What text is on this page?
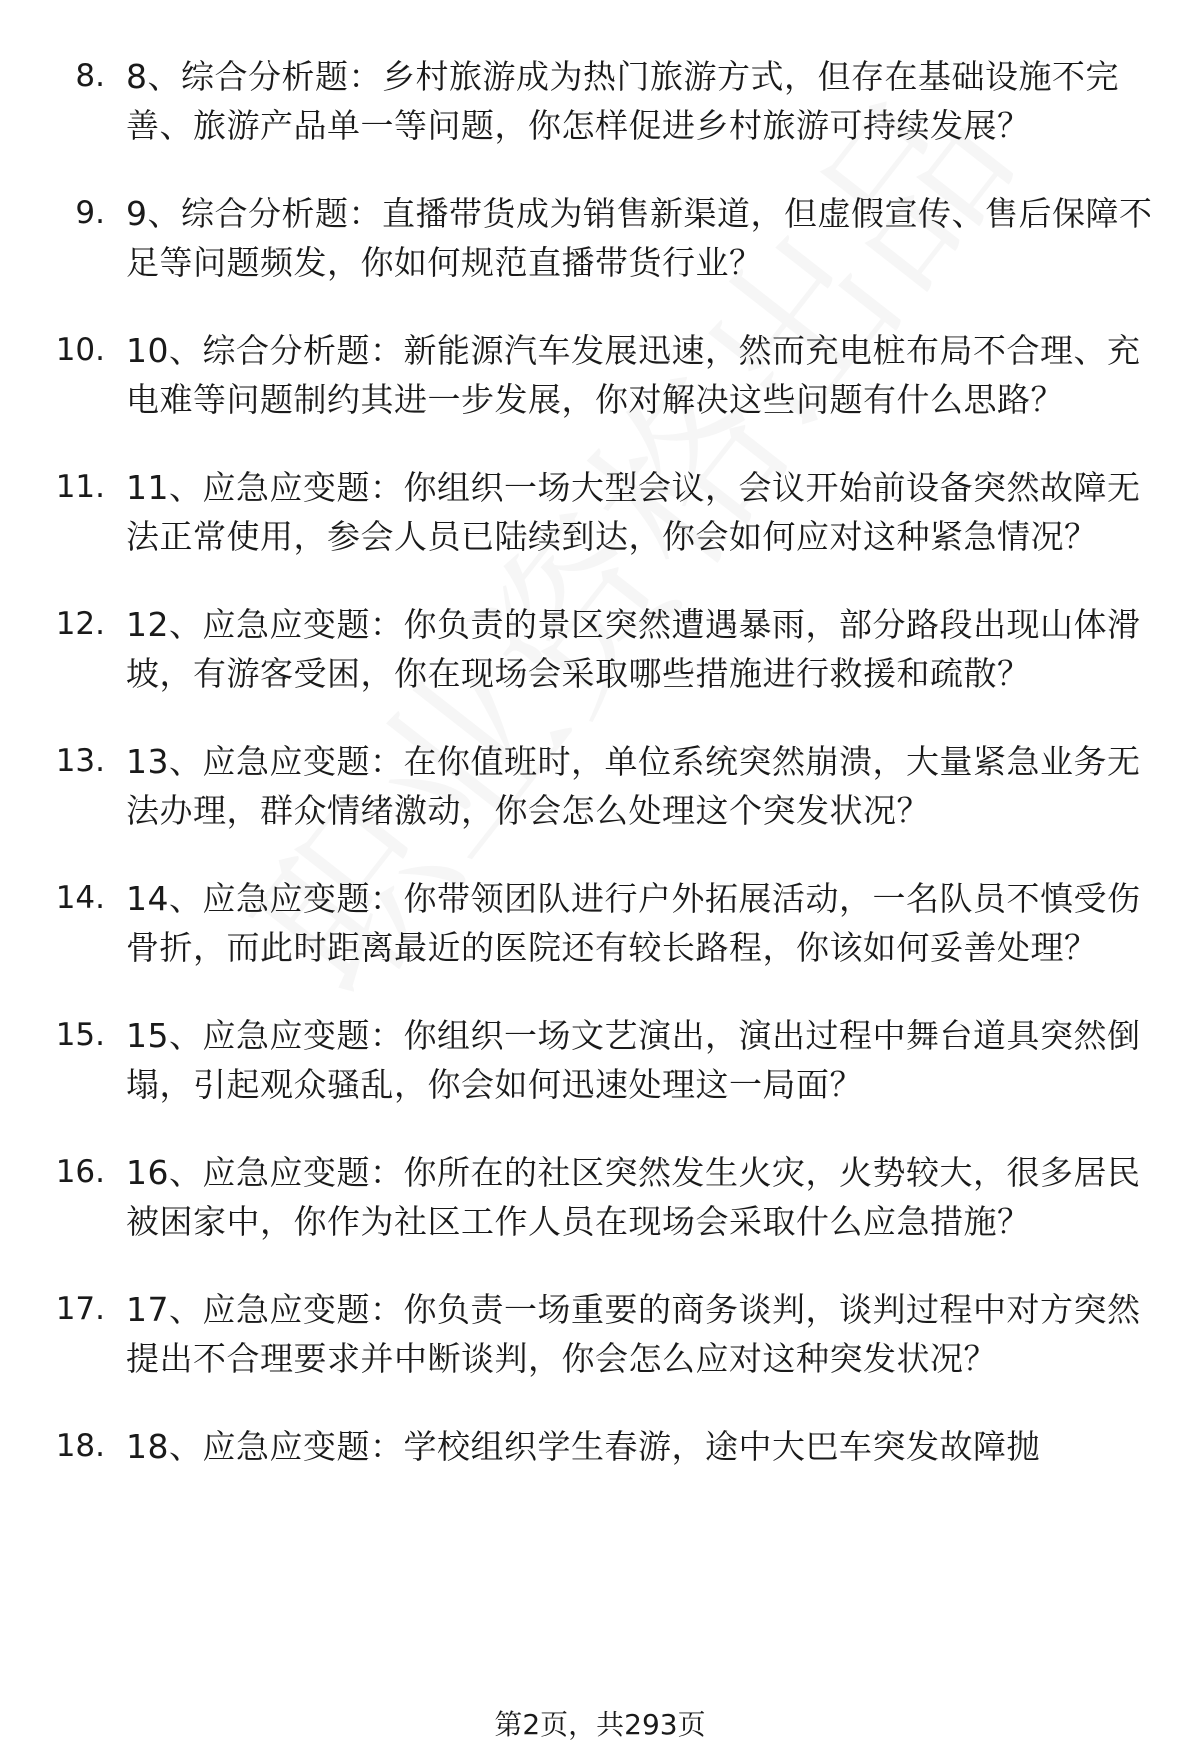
8. 8、综合分析题：乡村旅游成为热门旅游方式，但存在基础设施不完善、旅游产品单一等问题，你怎样促进乡村旅游可持续发展？
9. 9、综合分析题：直播带货成为销售新渠道，但虚假宣传、售后保障不足等问题频发，你如何规范直播带货行业？
10. 10、综合分析题：新能源汽车发展迅速，然而充电桩布局不合理、充电难等问题制约其进一步发展，你对解决这些问题有什么思路？
11. 11、应急应变题：你组织一场大型会议，会议开始前设备突然故障无法正常使用，参会人员已陆续到达，你会如何应对这种紧急情况？
12. 12、应急应变题：你负责的景区突然遭遇暴雨，部分路段出现山体滑坡，有游客受困，你在现场会采取哪些措施进行救援和疏散？
13. 13、应急应变题：在你值班时，单位系统突然崩溃，大量紧急业务无法办理，群众情绪激动，你会怎么处理这个突发状况？
14. 14、应急应变题：你带领团队进行户外拓展活动，一名队员不慎受伤骨折，而此时距离最近的医院还有较长路程，你该如何妥善处理？
15. 15、应急应变题：你组织一场文艺演出，演出过程中舞台道具突然倒塌，引起观众骚乱，你会如何迅速处理这一局面？
16. 16、应急应变题：你所在的社区突然发生火灾，火势较大，很多居民被困家中，你作为社区工作人员在现场会采取什么应急措施？
17. 17、应急应变题：你负责一场重要的商务谈判，谈判过程中对方突然提出不合理要求并中断谈判，你会怎么应对这种突发状况？
18. 18、应急应变题：学校组织学生春游，途中大巴车突发故障抛
第2页，共293页
